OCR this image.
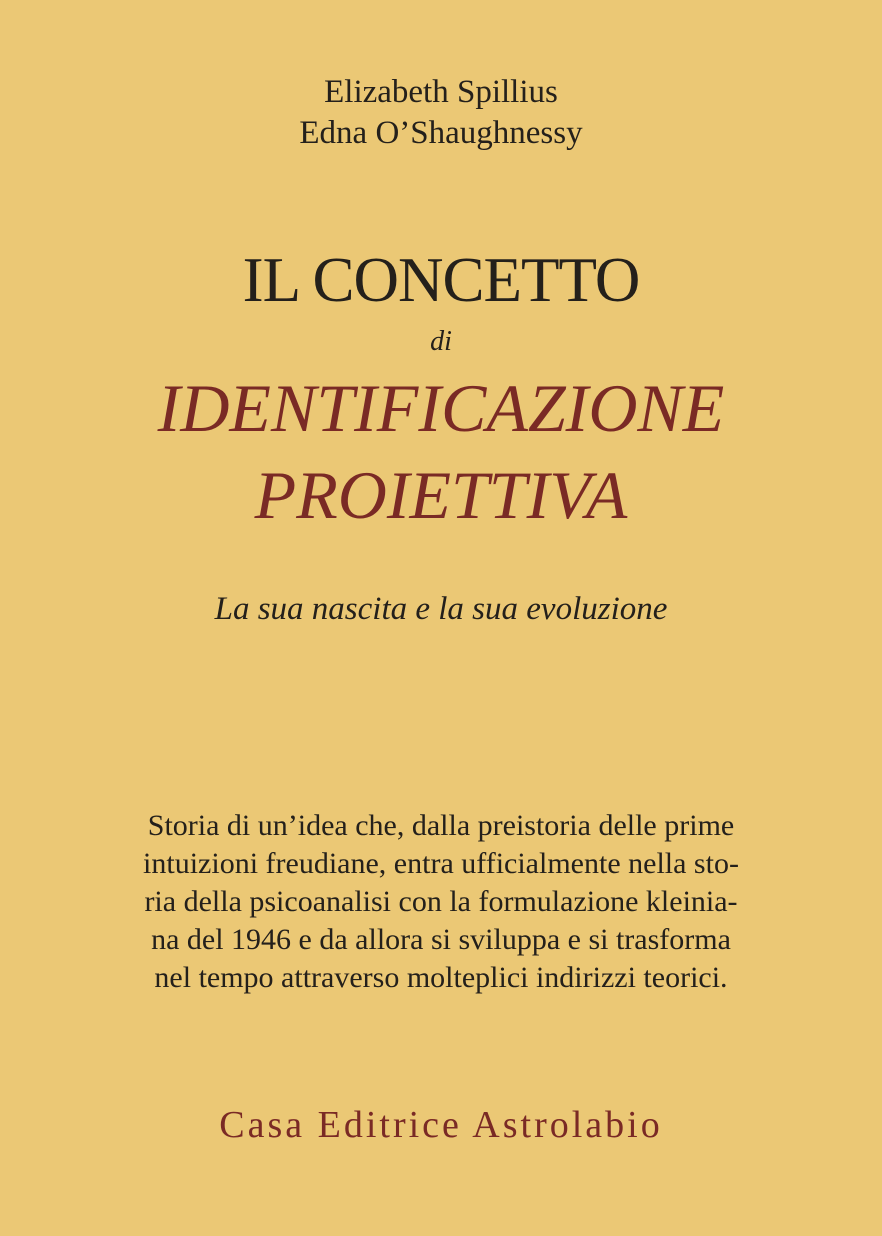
Elizabeth Spillius
Edna O’Shaughnessy
IL CONCETTO
di
IDENTIFICAZIONE
PROIETTIVA
La sua nascita e la sua evoluzione
Storia di un’idea che, dalla preistoria delle prime
intuizioni freudiane, entra ufficialmente nella sto-
ria della psicoanalisi con la formulazione kleinia-
na del 1946 e da allora si sviluppa e si trasforma
nel tempo attraverso molteplici indirizzi teorici.
Casa Editrice Astrolabio
